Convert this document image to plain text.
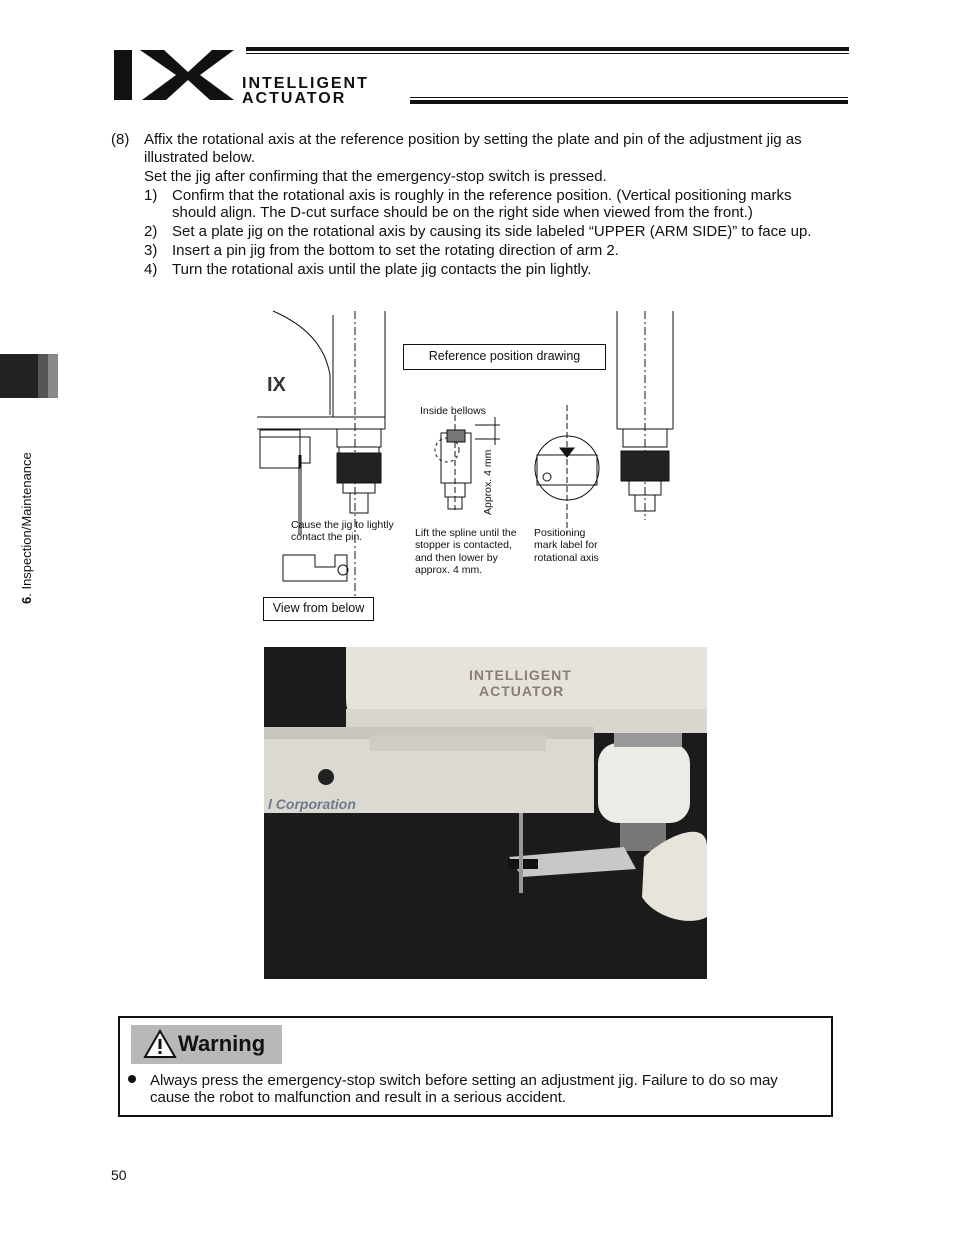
INTELLIGENT
ACTUATOR
6. Inspection/Maintenance
(8) Affix the rotational axis at the reference position by setting the plate and pin of the adjustment jig as
illustrated below.
Set the jig after confirming that the emergency-stop switch is pressed.
1) Confirm that the rotational axis is roughly in the reference position. (Vertical positioning marks
should align. The D-cut surface should be on the right side when viewed from the front.)
2) Set a plate jig on the rotational axis by causing its side labeled “UPPER (ARM SIDE)” to face up.
3) Insert a pin jig from the bottom to set the rotating direction of arm 2.
4) Turn the rotational axis until the plate jig contacts the pin lightly.
IX
Approx. 4 mm
Reference position drawing
Inside bellows
Cause the jig to lightly
contact the pin.	Lift the spline until the
stopper is contacted,
and then lower by
approx. 4 mm.
Positioning
mark label for
rotational axis
View from below
INTELLIGENT
ACTUATOR
l Corporation
Warning
Always press the emergency-stop switch before setting an adjustment jig. Failure to do so may
cause the robot to malfunction and result in a serious accident.
50
